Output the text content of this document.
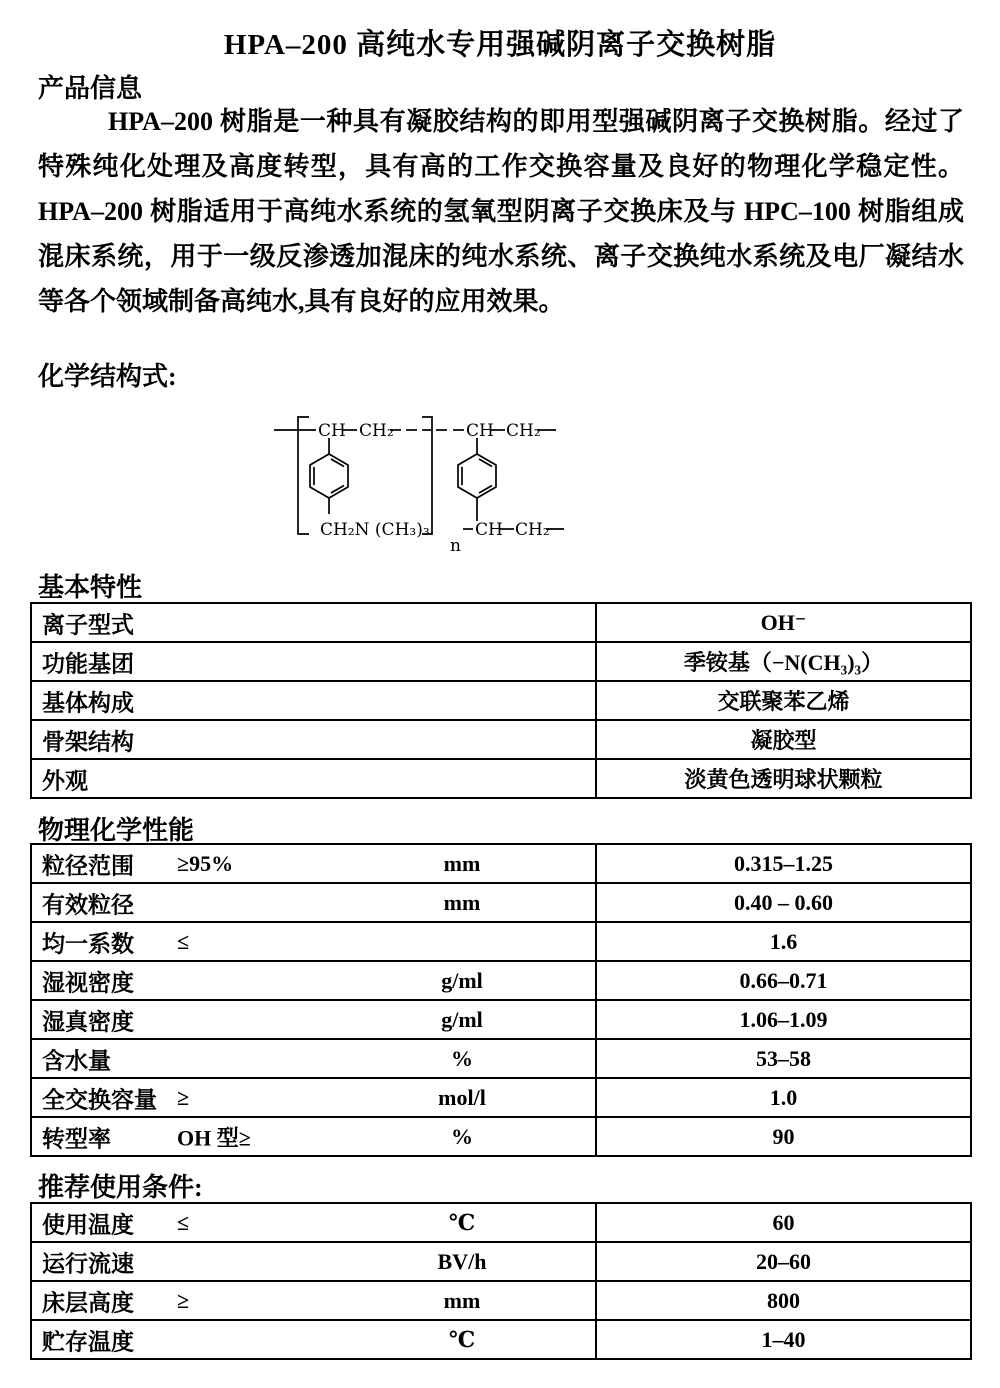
HPA–200 高纯水专用强碱阴离子交换树脂
产品信息
HPA–200 树脂是一种具有凝胶结构的即用型强碱阴离子交换树脂。经过了
特殊纯化处理及高度转型，具有高的工作交换容量及良好的物理化学稳定性。
HPA–200 树脂适用于高纯水系统的氢氧型阴离子交换床及与 HPC–100 树脂组成
混床系统，用于一级反渗透加混床的纯水系统、离子交换纯水系统及电厂凝结水
等各个领域制备高纯水,具有良好的应用效果。
化学结构式:
CH CH₂	CH CH₂
CH₂N (CH₃)₃
n
CH CH₂
基本特性
离子型式	OH⁻

功能基团	季铵基（−N(CH₃)₃）

基体构成	交联聚苯乙烯

骨架结构	凝胶型

外观	淡黄色透明球状颗粒
物理化学性能
粒径范围 ≥95% mm	0.315–1.25

有效粒径 mm	0.40 – 0.60

均一系数 ≤	1.6

湿视密度 g/ml	0.66–0.71

湿真密度 g/ml	1.06–1.09

含水量 %	53–58

全交换容量 ≥ mol/l	1.0

转型率 OH 型≥ %	90
推荐使用条件:
使用温度 ≤ ℃	60

运行流速 BV/h	20–60

床层高度 ≥ mm	800

贮存温度 ℃	1–40
